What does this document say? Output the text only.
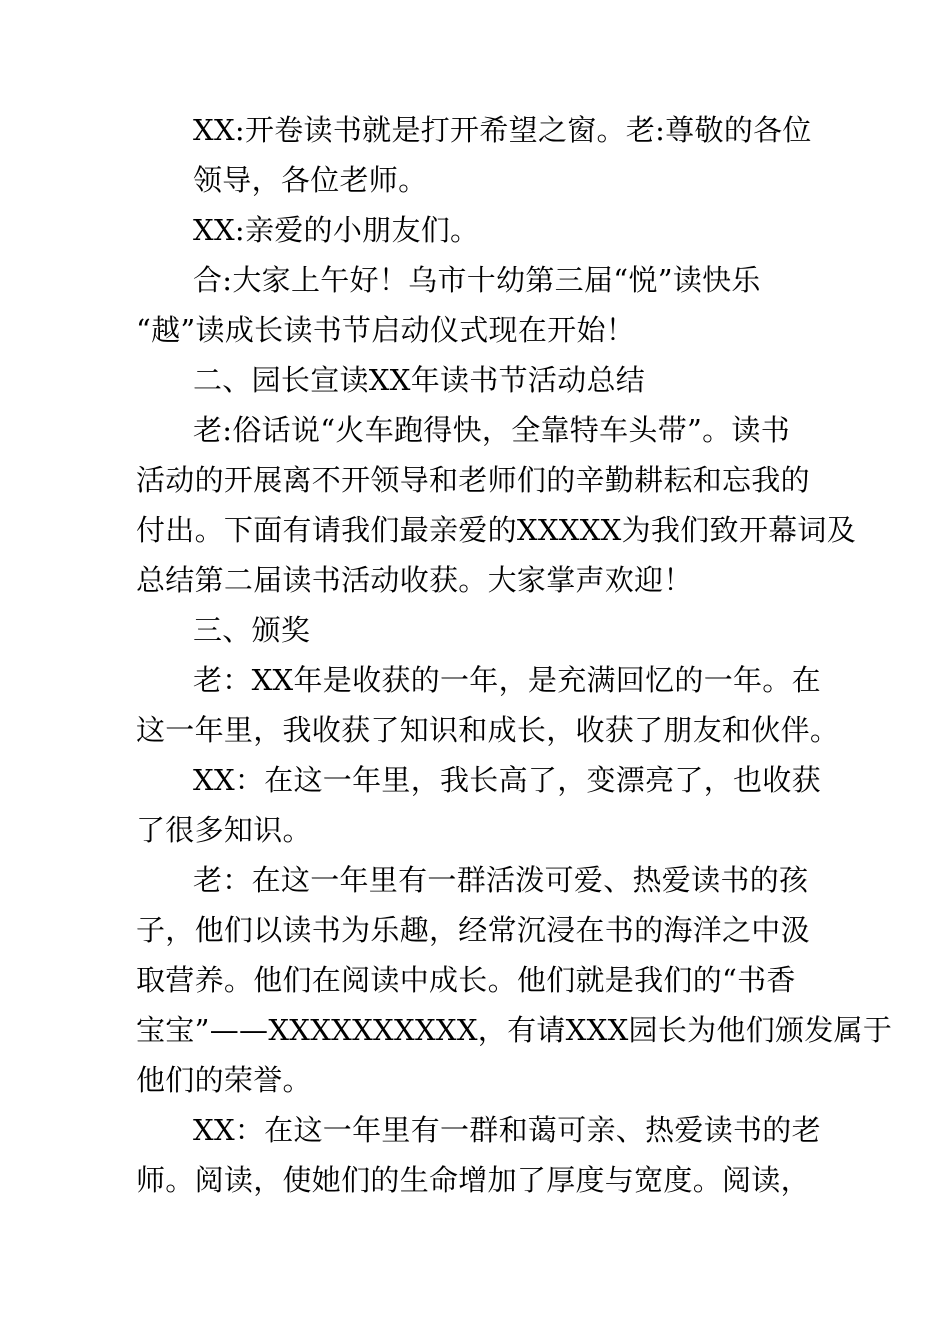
XX:开卷读书就是打开希望之窗。老:尊敬的各位
领导，各位老师。
XX:亲爱的小朋友们。
合:大家上午好！乌市十幼第三届“悦”读快乐
“越”读成长读书节启动仪式现在开始！
二、园长宣读XX年读书节活动总结
老:俗话说“火车跑得快，全靠特车头带”。读书
活动的开展离不开领导和老师们的辛勤耕耘和忘我的
付出。下面有请我们最亲爱的XXXXX为我们致开幕词及
总结第二届读书活动收获。大家掌声欢迎！
三、颁奖
老：XX年是收获的一年，是充满回忆的一年。在
这一年里，我收获了知识和成长，收获了朋友和伙伴。
XX：在这一年里，我长高了，变漂亮了，也收获
了很多知识。
老：在这一年里有一群活泼可爱、热爱读书的孩
子，他们以读书为乐趣，经常沉浸在书的海洋之中汲
取营养。他们在阅读中成长。他们就是我们的“书香
宝宝”——XXXXXXXXXX，有请XXX园长为他们颁发属于
他们的荣誉。
XX：在这一年里有一群和蔼可亲、热爱读书的老
师。阅读，使她们的生命增加了厚度与宽度。阅读，
